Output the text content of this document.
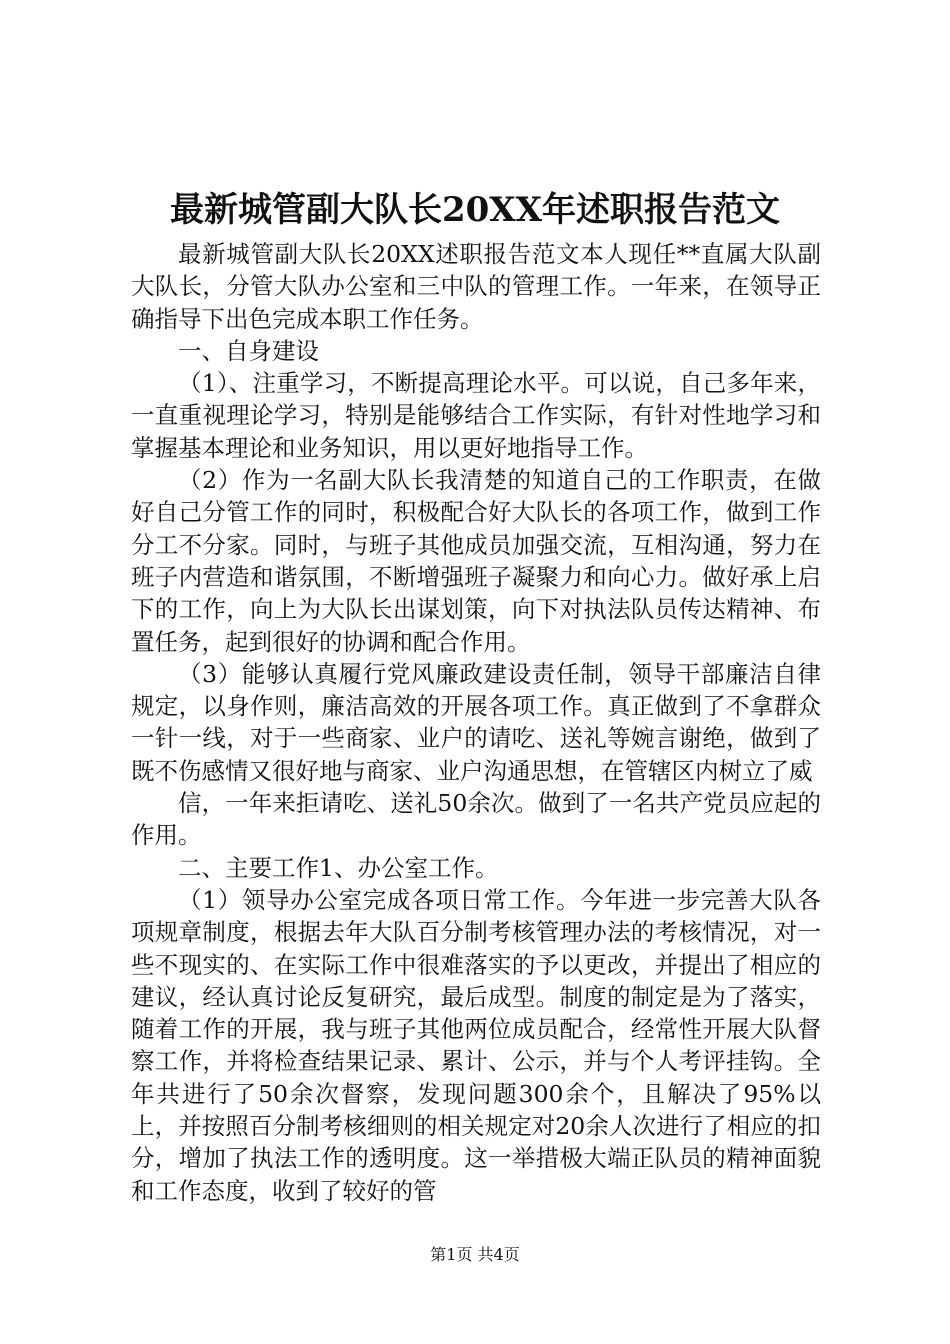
最新城管副大队长20XX年述职报告范文

最新城管副大队长20XX述职报告范文本人现任**直属大队副大队长，分管大队办公室和三中队的管理工作。一年来，在领导正确指导下出色完成本职工作任务。

一、自身建设

（1）、注重学习，不断提高理论水平。可以说，自己多年来，一直重视理论学习，特别是能够结合工作实际，有针对性地学习和掌握基本理论和业务知识，用以更好地指导工作。

（2）作为一名副大队长我清楚的知道自己的工作职责，在做好自己分管工作的同时，积极配合好大队长的各项工作，做到工作分工不分家。同时，与班子其他成员加强交流，互相沟通，努力在班子内营造和谐氛围，不断增强班子凝聚力和向心力。做好承上启下的工作，向上为大队长出谋划策，向下对执法队员传达精神、布置任务，起到很好的协调和配合作用。

（3）能够认真履行党风廉政建设责任制，领导干部廉洁自律规定，以身作则，廉洁高效的开展各项工作。真正做到了不拿群众一针一线，对于一些商家、业户的请吃、送礼等婉言谢绝，做到了既不伤感情又很好地与商家、业户沟通思想，在管辖区内树立了威

信，一年来拒请吃、送礼50余次。做到了一名共产党员应起的作用。

二、主要工作1、办公室工作。

（1）领导办公室完成各项日常工作。今年进一步完善大队各项规章制度，根据去年大队百分制考核管理办法的考核情况，对一些不现实的、在实际工作中很难落实的予以更改，并提出了相应的建议，经认真讨论反复研究，最后成型。制度的制定是为了落实，随着工作的开展，我与班子其他两位成员配合，经常性开展大队督察工作，并将检查结果记录、累计、公示，并与个人考评挂钩。全年共进行了50余次督察，发现问题300余个，且解决了95%以上，并按照百分制考核细则的相关规定对20余人次进行了相应的扣分，增加了执法工作的透明度。这一举措极大端正队员的精神面貌和工作态度，收到了较好的管

第1页 共4页
